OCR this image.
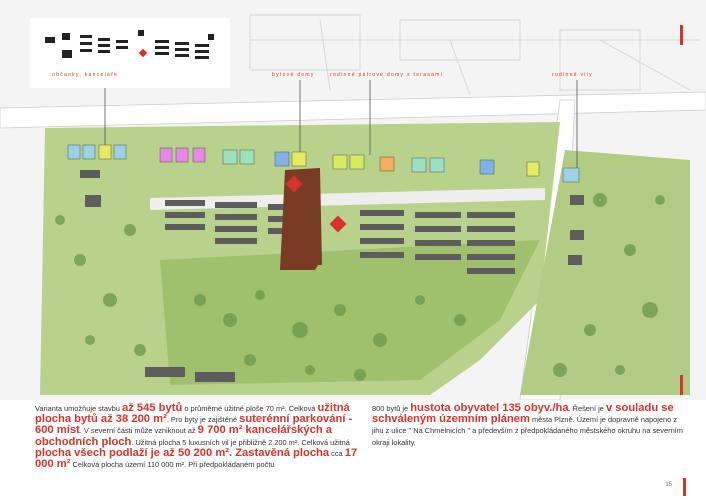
občanky, kanceláře	bytové domy	rodinné patrové domy s terasami	rodinné vily
Varianta umožňuje stavbu až 545 bytů o průměrné užitné ploše 70 m². Celková užitná plocha bytů až 38 200 m². Pro byty je zajištěné suterénní parkování - 600 míst. V severní části může vzniknout až 9 700 m² kancelářských a obchodních ploch. Užitná plocha 5 luxusních vil je přibližně 2 200 m². Celková užitná plocha všech podlaží je až 50 200 m². Zastavěná plocha cca 17 000 m² Celková plocha území 110 000 m². Při předpokládaném počtu
800 bytů je hustota obyvatel 135 obyv./ha. Řešení je v souladu se schváleným územním plánem města Plzně. Území je dopravně napojeno z jihu z ulice " Na Chmelnicích " a především z předpokládaného městského okruhu na severním okraji lokality.
15
